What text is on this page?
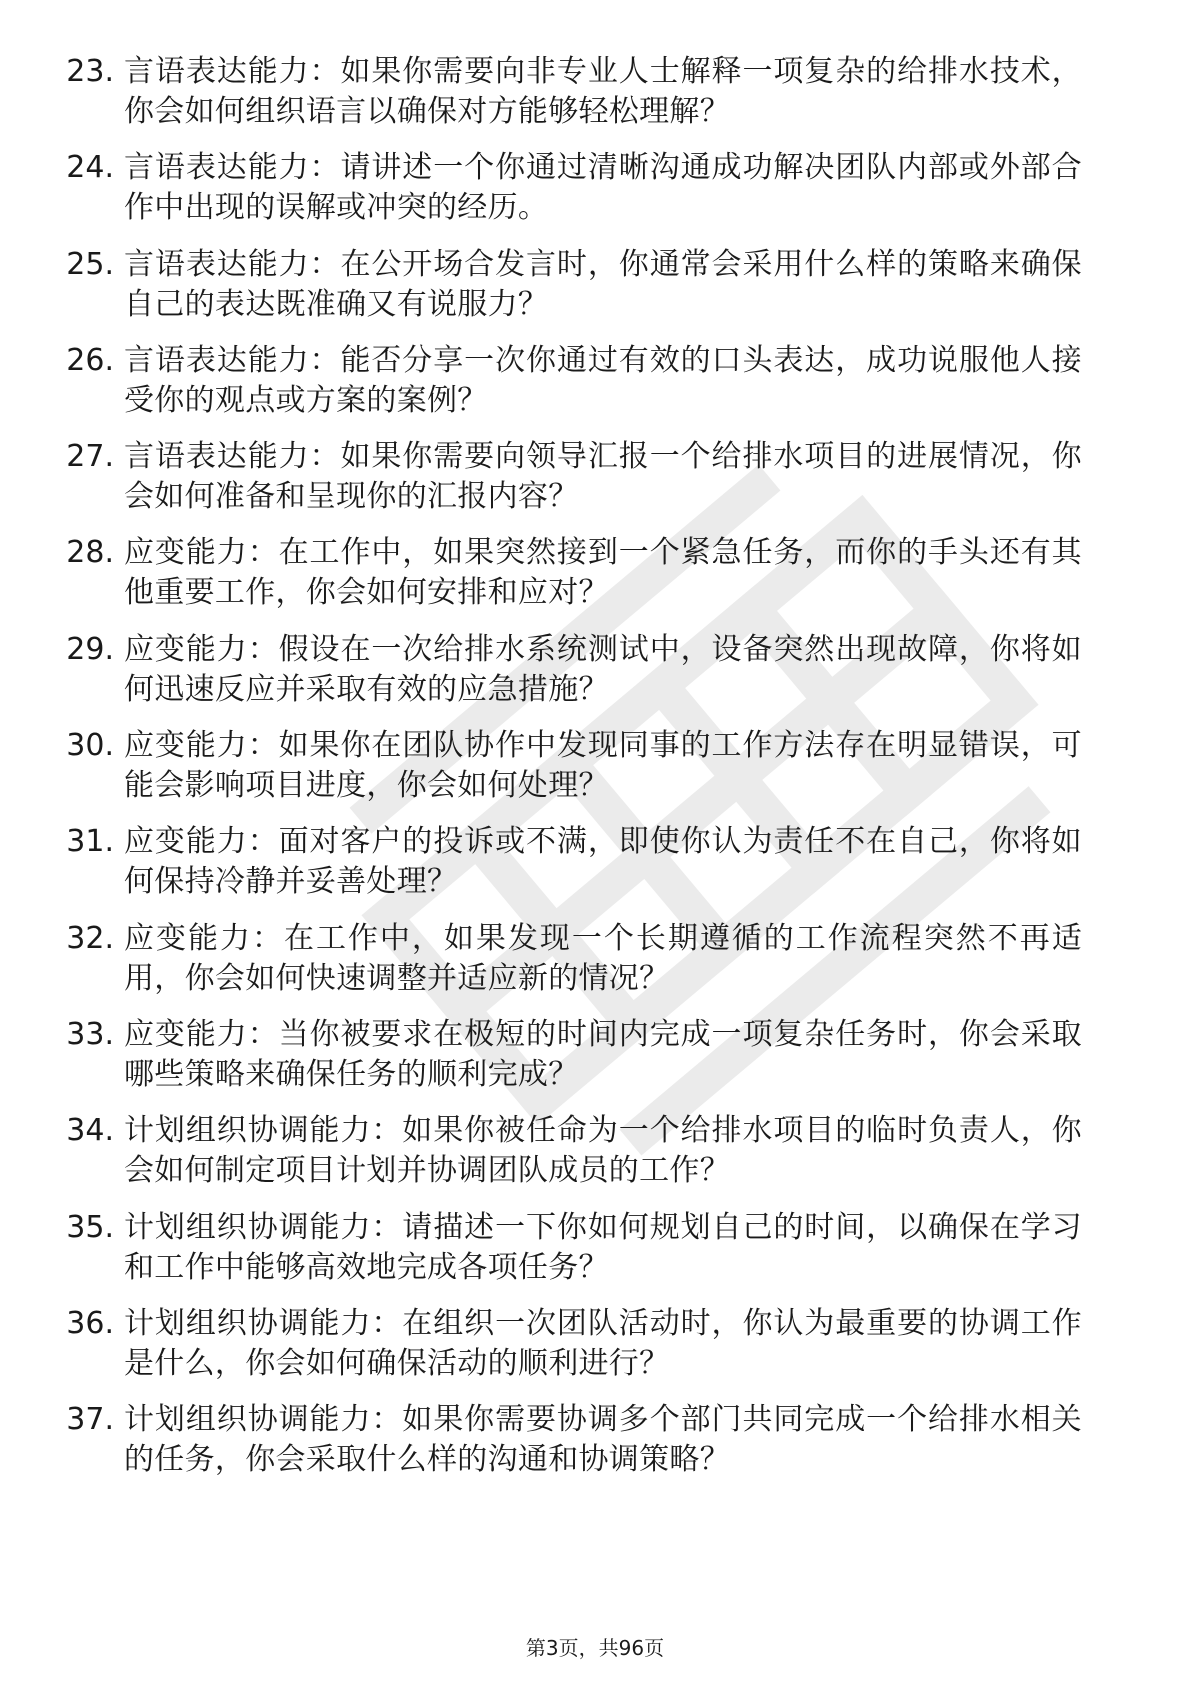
23. 言语表达能力：如果你需要向非专业人士解释一项复杂的给排水技术，你会如何组织语言以确保对方能够轻松理解？
24. 言语表达能力：请讲述一个你通过清晰沟通成功解决团队内部或外部合作中出现的误解或冲突的经历。
25. 言语表达能力：在公开场合发言时，你通常会采用什么样的策略来确保自己的表达既准确又有说服力？
26. 言语表达能力：能否分享一次你通过有效的口头表达，成功说服他人接受你的观点或方案的案例？
27. 言语表达能力：如果你需要向领导汇报一个给排水项目的进展情况，你会如何准备和呈现你的汇报内容？
28. 应变能力：在工作中，如果突然接到一个紧急任务，而你的手头还有其他重要工作，你会如何安排和应对？
29. 应变能力：假设在一次给排水系统测试中，设备突然出现故障，你将如何迅速反应并采取有效的应急措施？
30. 应变能力：如果你在团队协作中发现同事的工作方法存在明显错误，可能会影响项目进度，你会如何处理？
31. 应变能力：面对客户的投诉或不满，即使你认为责任不在自己，你将如何保持冷静并妥善处理？
32. 应变能力：在工作中，如果发现一个长期遵循的工作流程突然不再适用，你会如何快速调整并适应新的情况？
33. 应变能力：当你被要求在极短的时间内完成一项复杂任务时，你会采取哪些策略来确保任务的顺利完成？
34. 计划组织协调能力：如果你被任命为一个给排水项目的临时负责人，你会如何制定项目计划并协调团队成员的工作？
35. 计划组织协调能力：请描述一下你如何规划自己的时间，以确保在学习和工作中能够高效地完成各项任务？
36. 计划组织协调能力：在组织一次团队活动时，你认为最重要的协调工作是什么，你会如何确保活动的顺利进行？
37. 计划组织协调能力：如果你需要协调多个部门共同完成一个给排水相关的任务，你会采取什么样的沟通和协调策略？
第3页，共96页
